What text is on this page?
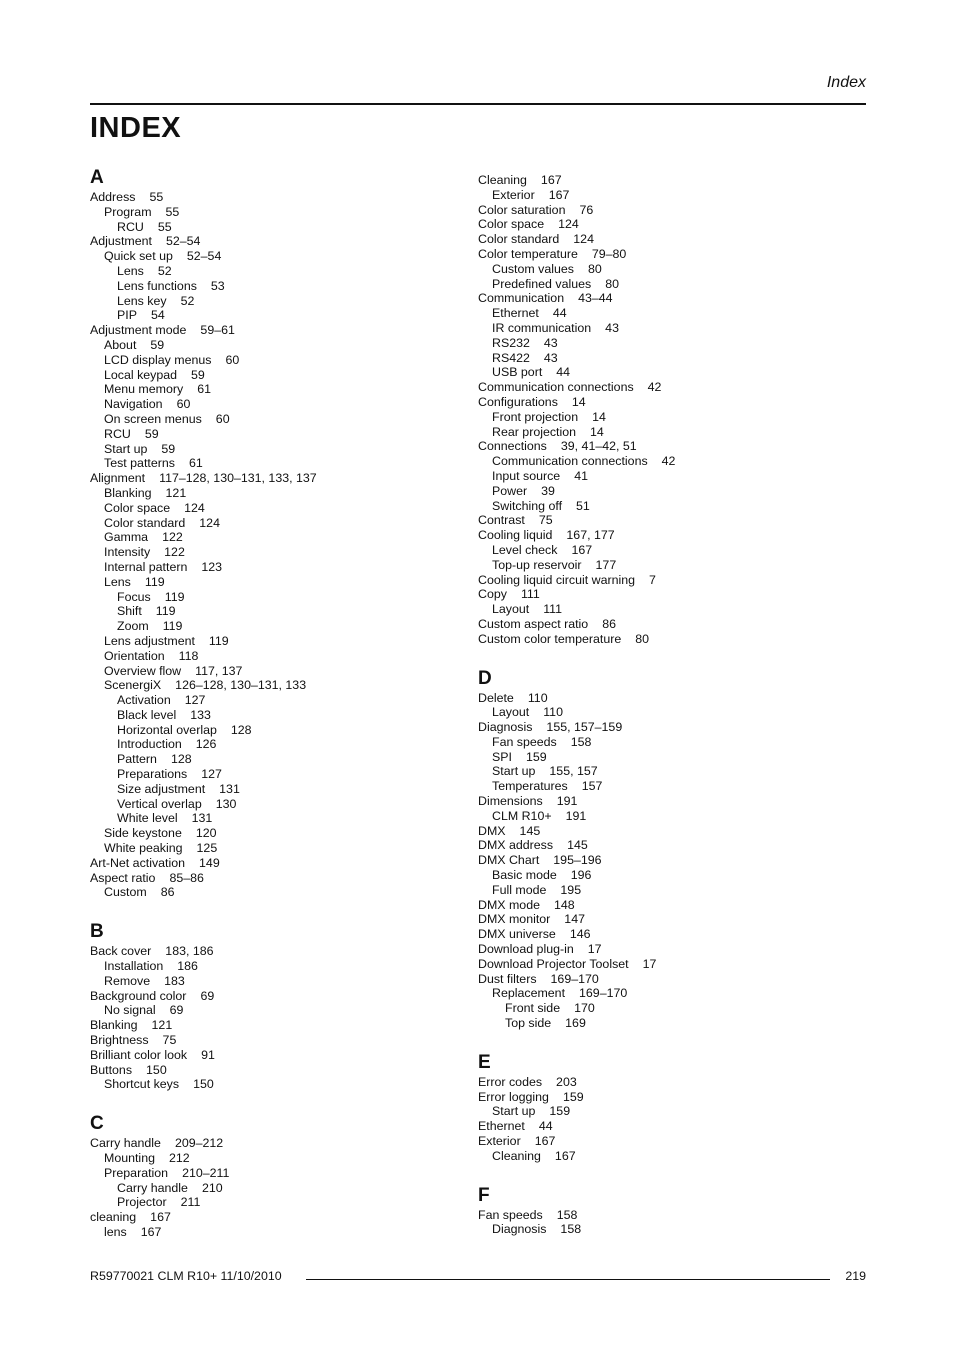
Index
INDEX
A
Address 55
Program 55
RCU 55
Adjustment 52–54
Quick set up 52–54
Lens 52
Lens functions 53
Lens key 52
PIP 54
Adjustment mode 59–61
About 59
LCD display menus 60
Local keypad 59
Menu memory 61
Navigation 60
On screen menus 60
RCU 59
Start up 59
Test patterns 61
Alignment 117–128, 130–131, 133, 137
Blanking 121
Color space 124
Color standard 124
Gamma 122
Intensity 122
Internal pattern 123
Lens 119
Focus 119
Shift 119
Zoom 119
Lens adjustment 119
Orientation 118
Overview flow 117, 137
ScenergiX 126–128, 130–131, 133
Activation 127
Black level 133
Horizontal overlap 128
Introduction 126
Pattern 128
Preparations 127
Size adjustment 131
Vertical overlap 130
White level 131
Side keystone 120
White peaking 125
Art-Net activation 149
Aspect ratio 85–86
Custom 86
B
Back cover 183, 186
Installation 186
Remove 183
Background color 69
No signal 69
Blanking 121
Brightness 75
Brilliant color look 91
Buttons 150
Shortcut keys 150
C
Carry handle 209–212
Mounting 212
Preparation 210–211
Carry handle 210
Projector 211
cleaning 167
lens 167
Cleaning 167
Exterior 167
Color saturation 76
Color space 124
Color standard 124
Color temperature 79–80
Custom values 80
Predefined values 80
Communication 43–44
Ethernet 44
IR communication 43
RS232 43
RS422 43
USB port 44
Communication connections 42
Configurations 14
Front projection 14
Rear projection 14
Connections 39, 41–42, 51
Communication connections 42
Input source 41
Power 39
Switching off 51
Contrast 75
Cooling liquid 167, 177
Level check 167
Top-up reservoir 177
Cooling liquid circuit warning 7
Copy 111
Layout 111
Custom aspect ratio 86
Custom color temperature 80
D
Delete 110
Layout 110
Diagnosis 155, 157–159
Fan speeds 158
SPI 159
Start up 155, 157
Temperatures 157
Dimensions 191
CLM R10+ 191
DMX 145
DMX address 145
DMX Chart 195–196
Basic mode 196
Full mode 195
DMX mode 148
DMX monitor 147
DMX universe 146
Download plug-in 17
Download Projector Toolset 17
Dust filters 169–170
Replacement 169–170
Front side 170
Top side 169
E
Error codes 203
Error logging 159
Start up 159
Ethernet 44
Exterior 167
Cleaning 167
F
Fan speeds 158
Diagnosis 158
R59770021 CLM R10+ 11/10/2010	219
